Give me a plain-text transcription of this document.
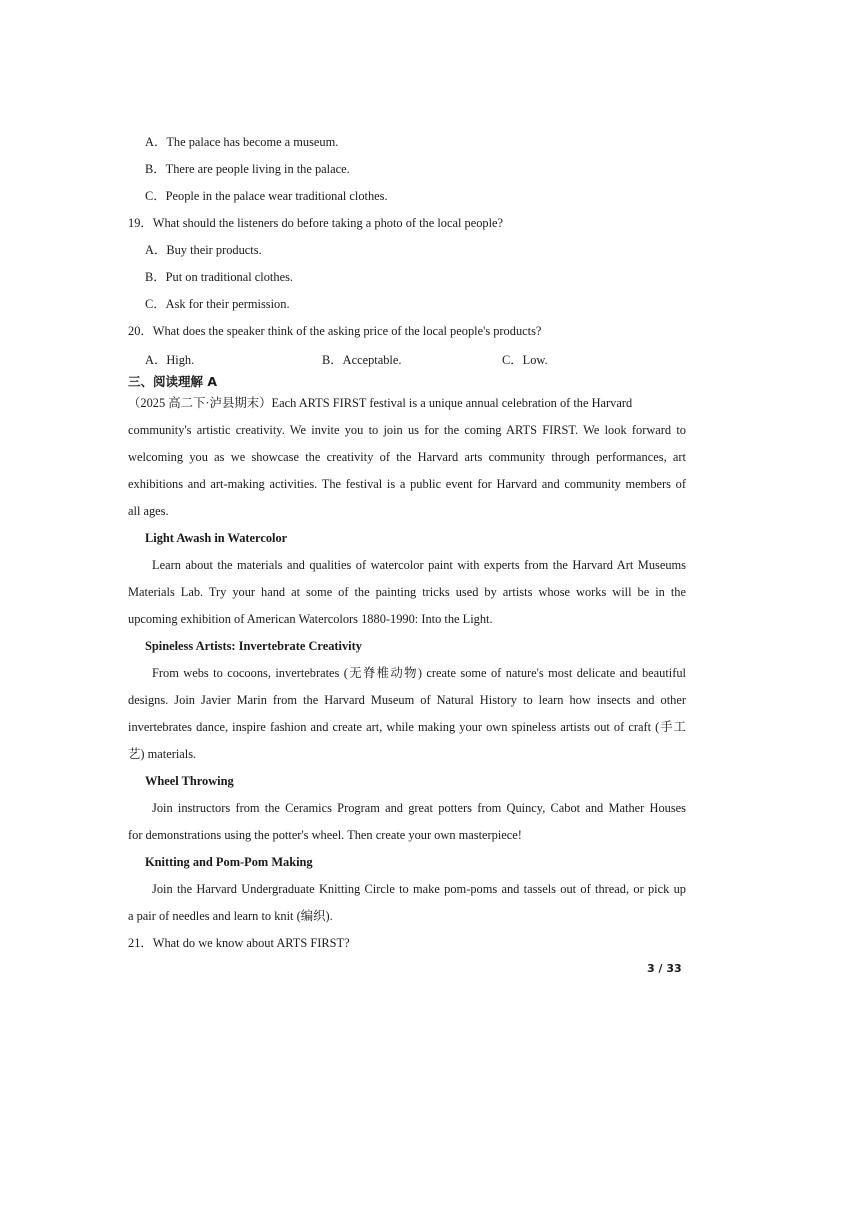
A．The palace has become a museum.
B．There are people living in the palace.
C．People in the palace wear traditional clothes.
19．What should the listeners do before taking a photo of the local people?
A．Buy their products.
B．Put on traditional clothes.
C．Ask for their permission.
20．What does the speaker think of the asking price of the local people's products?
A．High.	B．Acceptable.	C．Low.
三、阅读理解 A
（2025 高二下·泸县期末）Each ARTS FIRST festival is a unique annual celebration of the Harvard
community's artistic creativity. We invite you to join us for the coming ARTS FIRST. We look forward to
welcoming you as we showcase the creativity of the Harvard arts community through performances, art
exhibitions and art-making activities. The festival is a public event for Harvard and community members of
all ages.
Light Awash in Watercolor
Learn about the materials and qualities of watercolor paint with experts from the Harvard Art Museums
Materials Lab. Try your hand at some of the painting tricks used by artists whose works will be in the
upcoming exhibition of American Watercolors 1880-1990: Into the Light.
Spineless Artists: Invertebrate Creativity
From webs to cocoons, invertebrates (无脊椎动物) create some of nature's most delicate and beautiful
designs. Join Javier Marin from the Harvard Museum of Natural History to learn how insects and other
invertebrates dance, inspire fashion and create art, while making your own spineless artists out of craft (手工
艺) materials.
Wheel Throwing
Join instructors from the Ceramics Program and great potters from Quincy, Cabot and Mather Houses
for demonstrations using the potter's wheel. Then create your own masterpiece!
Knitting and Pom-Pom Making
Join the Harvard Undergraduate Knitting Circle to make pom-poms and tassels out of thread, or pick up
a pair of needles and learn to knit (编织).
21．What do we know about ARTS FIRST?
3 / 33
